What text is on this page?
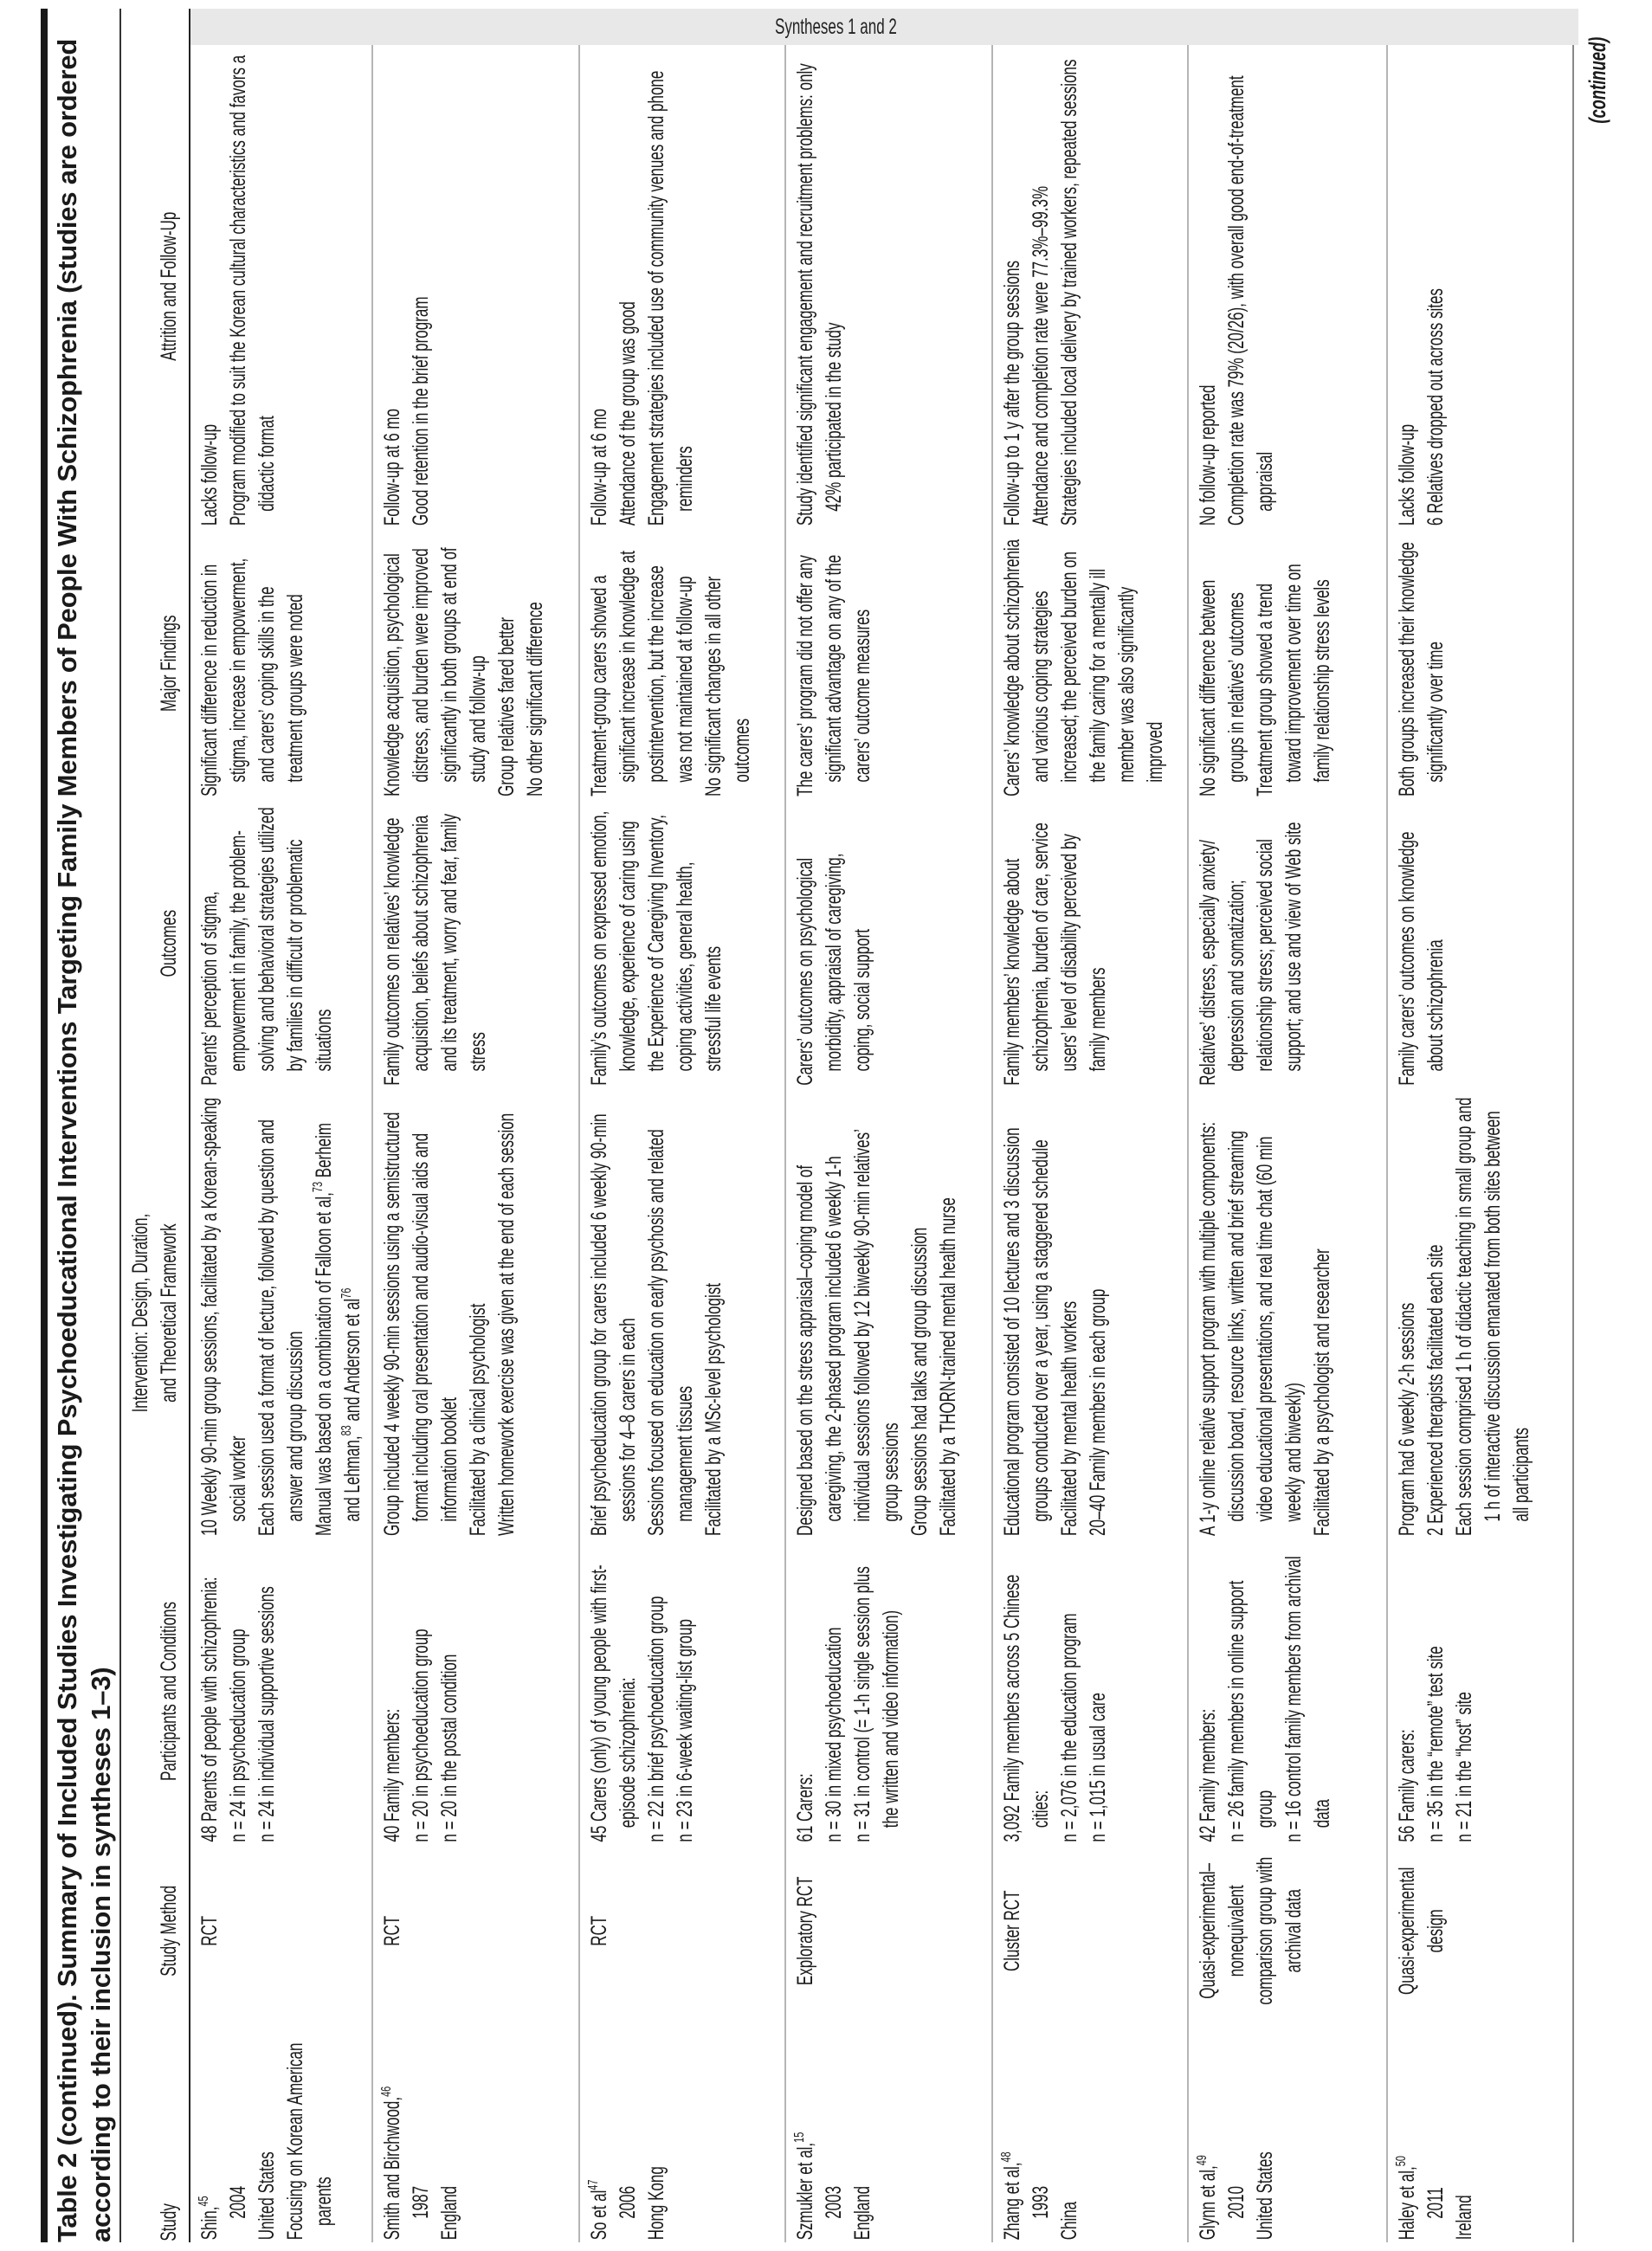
Table 2 (continued). Summary of Included Studies Investigating Psychoeducational Interventions Targeting Family Members of People With Schizophrenia (studies are ordered according to their inclusion in syntheses 1–3) Study
Study Method
Participants and Conditions
Intervention: Design, Duration, and Theoretical Framework
Outcomes
Major Findings
Attrition and Follow-Up

Shin,$^{45}$ 2004 United States Focusing on Korean American parents

RCT

48 Parents of people with schizophrenia: n = 24 in psychoeducation group n = 24 in individual supportive sessions

10 Weekly 90-min group sessions, facilitated by a Korean-speaking social worker Each session used a format of lecture, followed by question and answer and group discussion Manual was based on a combination of Falloon et al,$^{73}$ Berheim and Lehman,$^{83}$ and Anderson et $al^{76}$

Parents’ perception of stigma, empowerment in family, the problem-solving and behavioral strategies utilized by families in difficult or problematic situations

Significant difference in reduction in stigma, increase in empowerment, and carers’ coping skills in the treatment groups were noted

Lacks follow-up Program modified to suit the Korean cultural characteristics and favors a didactic format

Smith and Birchwood,$^{46}$

1987 England

RCT

40 Family members: n = 20 in psychoeducation group n = 20 in the postal condition

Group included 4 weekly 90-min sessions using a semistructured format including oral presentation and audio-visual aids and information booklet Facilitated by a clinical psychologist Written homework exercise was given at the end of each session

Family outcomes on relatives’ knowledge acquisition, beliefs about schizophrenia and its treatment, worry and fear, family stress

Knowledge acquisition, psychological distress, and burden were improved significantly in both groups at end of study and follow-up Group relatives fared better No other significant difference

Follow-up at 6 mo Good retention in the brief program

So et $al^{47}$

2006 Hong Kong

RCT

45 Carers (only) of young people with first-episode schizophrenia: n = 22 in brief psychoeducation group n = 23 in 6-week waiting-list group

Brief psychoeducation group for carers included 6 weekly 90-min sessions for 4–8 carers in each Sessions focused on education on early psychosis and related management tissues Facilitated by a MSc-level psychologist

Family’s outcomes on expressed emotion, knowledge, experience of caring using the Experience of Caregiving Inventory, coping activities, general health, stressful life events

Treatment-group carers showed a significant increase in knowledge at postintervention, but the increase was not maintained at follow-up No significant changes in all other outcomes

Follow-up at 6 mo Attendance of the group was good Engagement strategies included use of community venues and phone reminders

Szmukler et al,$^{15}$

2003 England

Exploratory RCT

61 Carers: n = 30 in mixed psychoeducation n = 31 in control (= 1-h single session plus the written and video information)

Designed based on the stress appraisal–coping model of caregiving, the 2-phased program included 6 weekly 1-h individual sessions followed by 12 biweekly 90-min relatives’ group sessions Group sessions had talks and group discussion Facilitated by a THORN-trained mental health nurse

Carers’ outcomes on psychological morbidity, appraisal of caregiving, coping, social support

The carers’ program did not offer any significant advantage on any of the carers’ outcome measures

Study identified significant engagement and recruitment problems: only 42% participated in the study

Zhang et al,$^{48}$

1993 China

Cluster RCT

3,092 Family members across 5 Chinese cities: n = 2,076 in the education program n = 1,015 in usual care

Educational program consisted of 10 lectures and 3 discussion groups conducted over a year, using a staggered schedule Facilitated by mental health workers 20–40 Family members in each group

Family members’ knowledge about schizophrenia, burden of care, service users’ level of disability perceived by family members

Carers’ knowledge about schizophrenia and various coping strategies increased; the perceived burden on the family caring for a mentally ill member was also significantly improved

Follow-up to 1 y after the group sessions Attendance and completion rate were 77.3%–99.3% Strategies included local delivery by trained workers, repeated sessions

Glynn et al,$^{49}$

2010 United States

Quasi-experimental– nonequivalent comparison group with archival data

42 Family members: n = 26 family members in online support group n = 16 control family members from archival data

A 1-y online relative support program with multiple components: discussion board, resource links, written and brief streaming video educational presentations, and real time chat (60 min weekly and biweekly) Facilitated by a psychologist and researcher

Relatives’ distress, especially anxiety/ depression and somatization; relationship stress; perceived social support; and use and view of Web site

No significant difference between groups in relatives’ outcomes Treatment group showed a trend toward improvement over time on family relationship stress levels

No follow-up reported Completion rate was 79% (20/26), with overall good end-of-treatment appraisal

Haley et al,$^{50}$

2011 Ireland

Quasi-experimental design

56 Family carers: n = 35 in the “remote” test site n = 21 in the “host” site

Program had 6 weekly 2-h sessions 2 Experienced therapists facilitated each site Each session comprised 1 h of didactic teaching in small group and 1 h of interactive discussion emanated from both sites between all participants

Family carers’ outcomes on knowledge about schizophrenia

Both groups increased their knowledge significantly over time

Lacks follow-up 6 Relatives dropped out across sites

Syntheses 1 and 2
(continued)
